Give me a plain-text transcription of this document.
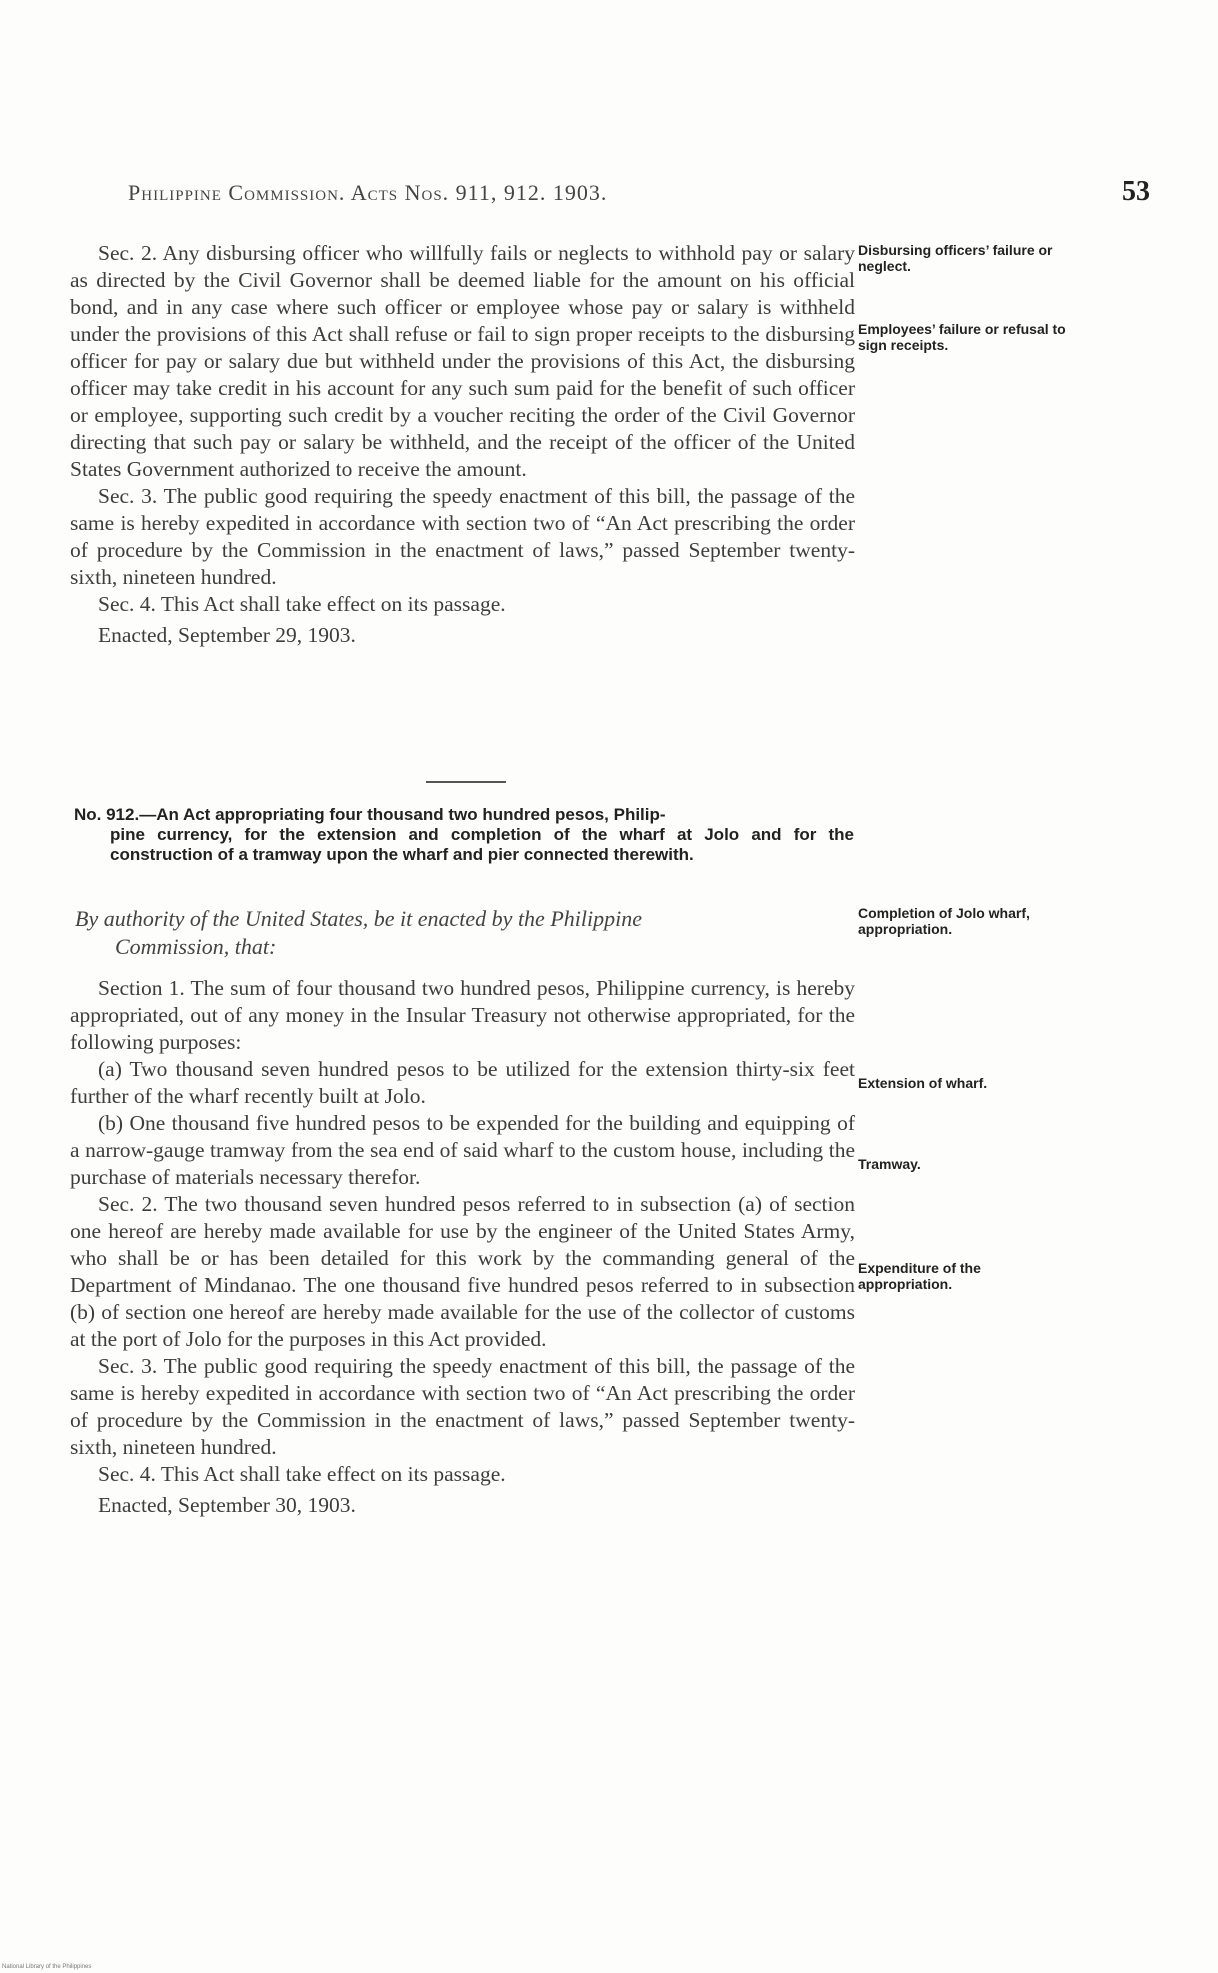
Philippine Commission. Acts Nos. 911, 912. 1903.	53

Sec. 2. Any disbursing officer who willfully fails or neglects to withhold pay or salary as directed by the Civil Governor shall be deemed liable for the amount on his official bond, and in any case where such officer or employee whose pay or salary is withheld under the provisions of this Act shall refuse or fail to sign proper receipts to the disbursing officer for pay or salary due but withheld under the provisions of this Act, the disbursing officer may take credit in his account for any such sum paid for the benefit of such officer or employee, supporting such credit by a voucher reciting the order of the Civil Governor directing that such pay or salary be withheld, and the receipt of the officer of the United States Government authorized to receive the amount.

Sec. 3. The public good requiring the speedy enactment of this bill, the passage of the same is hereby expedited in accordance with section two of “An Act prescribing the order of procedure by the Commission in the enactment of laws,” passed September twenty-sixth, nineteen hundred.

Sec. 4. This Act shall take effect on its passage.

Enacted, September 29, 1903.

No. 912.—An Act appropriating four thousand two hundred pesos, Philip-
pine currency, for the extension and completion of the wharf at Jolo and for the construction of a tramway upon the wharf and pier connected therewith.
By authority of the United States, be it enacted by the Philippine
Commission, that:

Section 1. The sum of four thousand two hundred pesos, Philippine currency, is hereby appropriated, out of any money in the Insular Treasury not otherwise appropriated, for the following purposes:

(a) Two thousand seven hundred pesos to be utilized for the extension thirty-six feet further of the wharf recently built at Jolo.

(b) One thousand five hundred pesos to be expended for the building and equipping of a narrow-gauge tramway from the sea end of said wharf to the custom house, including the purchase of materials necessary therefor.

Sec. 2. The two thousand seven hundred pesos referred to in subsection (a) of section one hereof are hereby made available for use by the engineer of the United States Army, who shall be or has been detailed for this work by the commanding general of the Department of Mindanao. The one thousand five hundred pesos referred to in subsection (b) of section one hereof are hereby made available for the use of the collector of customs at the port of Jolo for the purposes in this Act provided.

Sec. 3. The public good requiring the speedy enactment of this bill, the passage of the same is hereby expedited in accordance with section two of “An Act prescribing the order of procedure by the Commission in the enactment of laws,” passed September twenty-sixth, nineteen hundred.

Sec. 4. This Act shall take effect on its passage.

Enacted, September 30, 1903.

Disbursing officers’ failure or neglect.
Employees’ failure or refusal to sign receipts.
Completion of Jolo wharf, appropriation.
Extension of wharf.
Tramway.
Expenditure of the appropriation.
National Library of the Philippines
